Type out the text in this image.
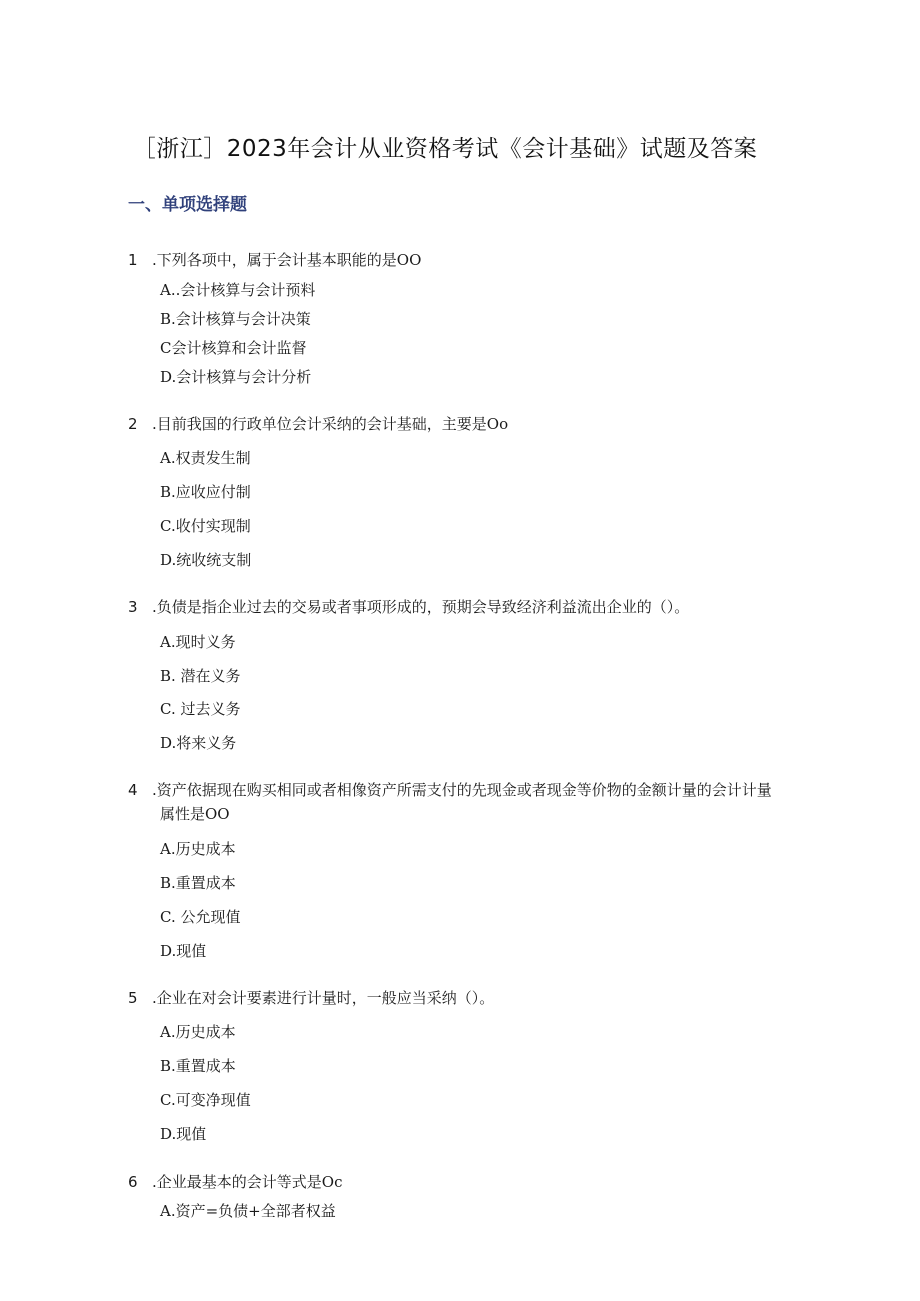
［浙江］2023年会计从业资格考试《会计基础》试题及答案
一、单项选择题
1 .下列各项中，属于会计基本职能的是OO
A..会计核算与会计预料
B.会计核算与会计决策
C会计核算和会计监督
D.会计核算与会计分析
2 .目前我国的行政单位会计采纳的会计基础，主要是Oo
A.权责发生制
B.应收应付制
C.收付实现制
D.统收统支制
3 .负债是指企业过去的交易或者事项形成的，预期会导致经济利益流出企业的（）。
A.现时义务
B. 潜在义务
C. 过去义务
D.将来义务
4 .资产依据现在购买相同或者相像资产所需支付的先现金或者现金等价物的金额计量的会计计量
属性是OO
A.历史成本
B.重置成本
C. 公允现值
D.现值
5 .企业在对会计要素进行计量时，一般应当采纳（）。
A.历史成本
B.重置成本
C.可变净现值
D.现值
6 .企业最基本的会计等式是Oc
A.资产=负债+全部者权益
